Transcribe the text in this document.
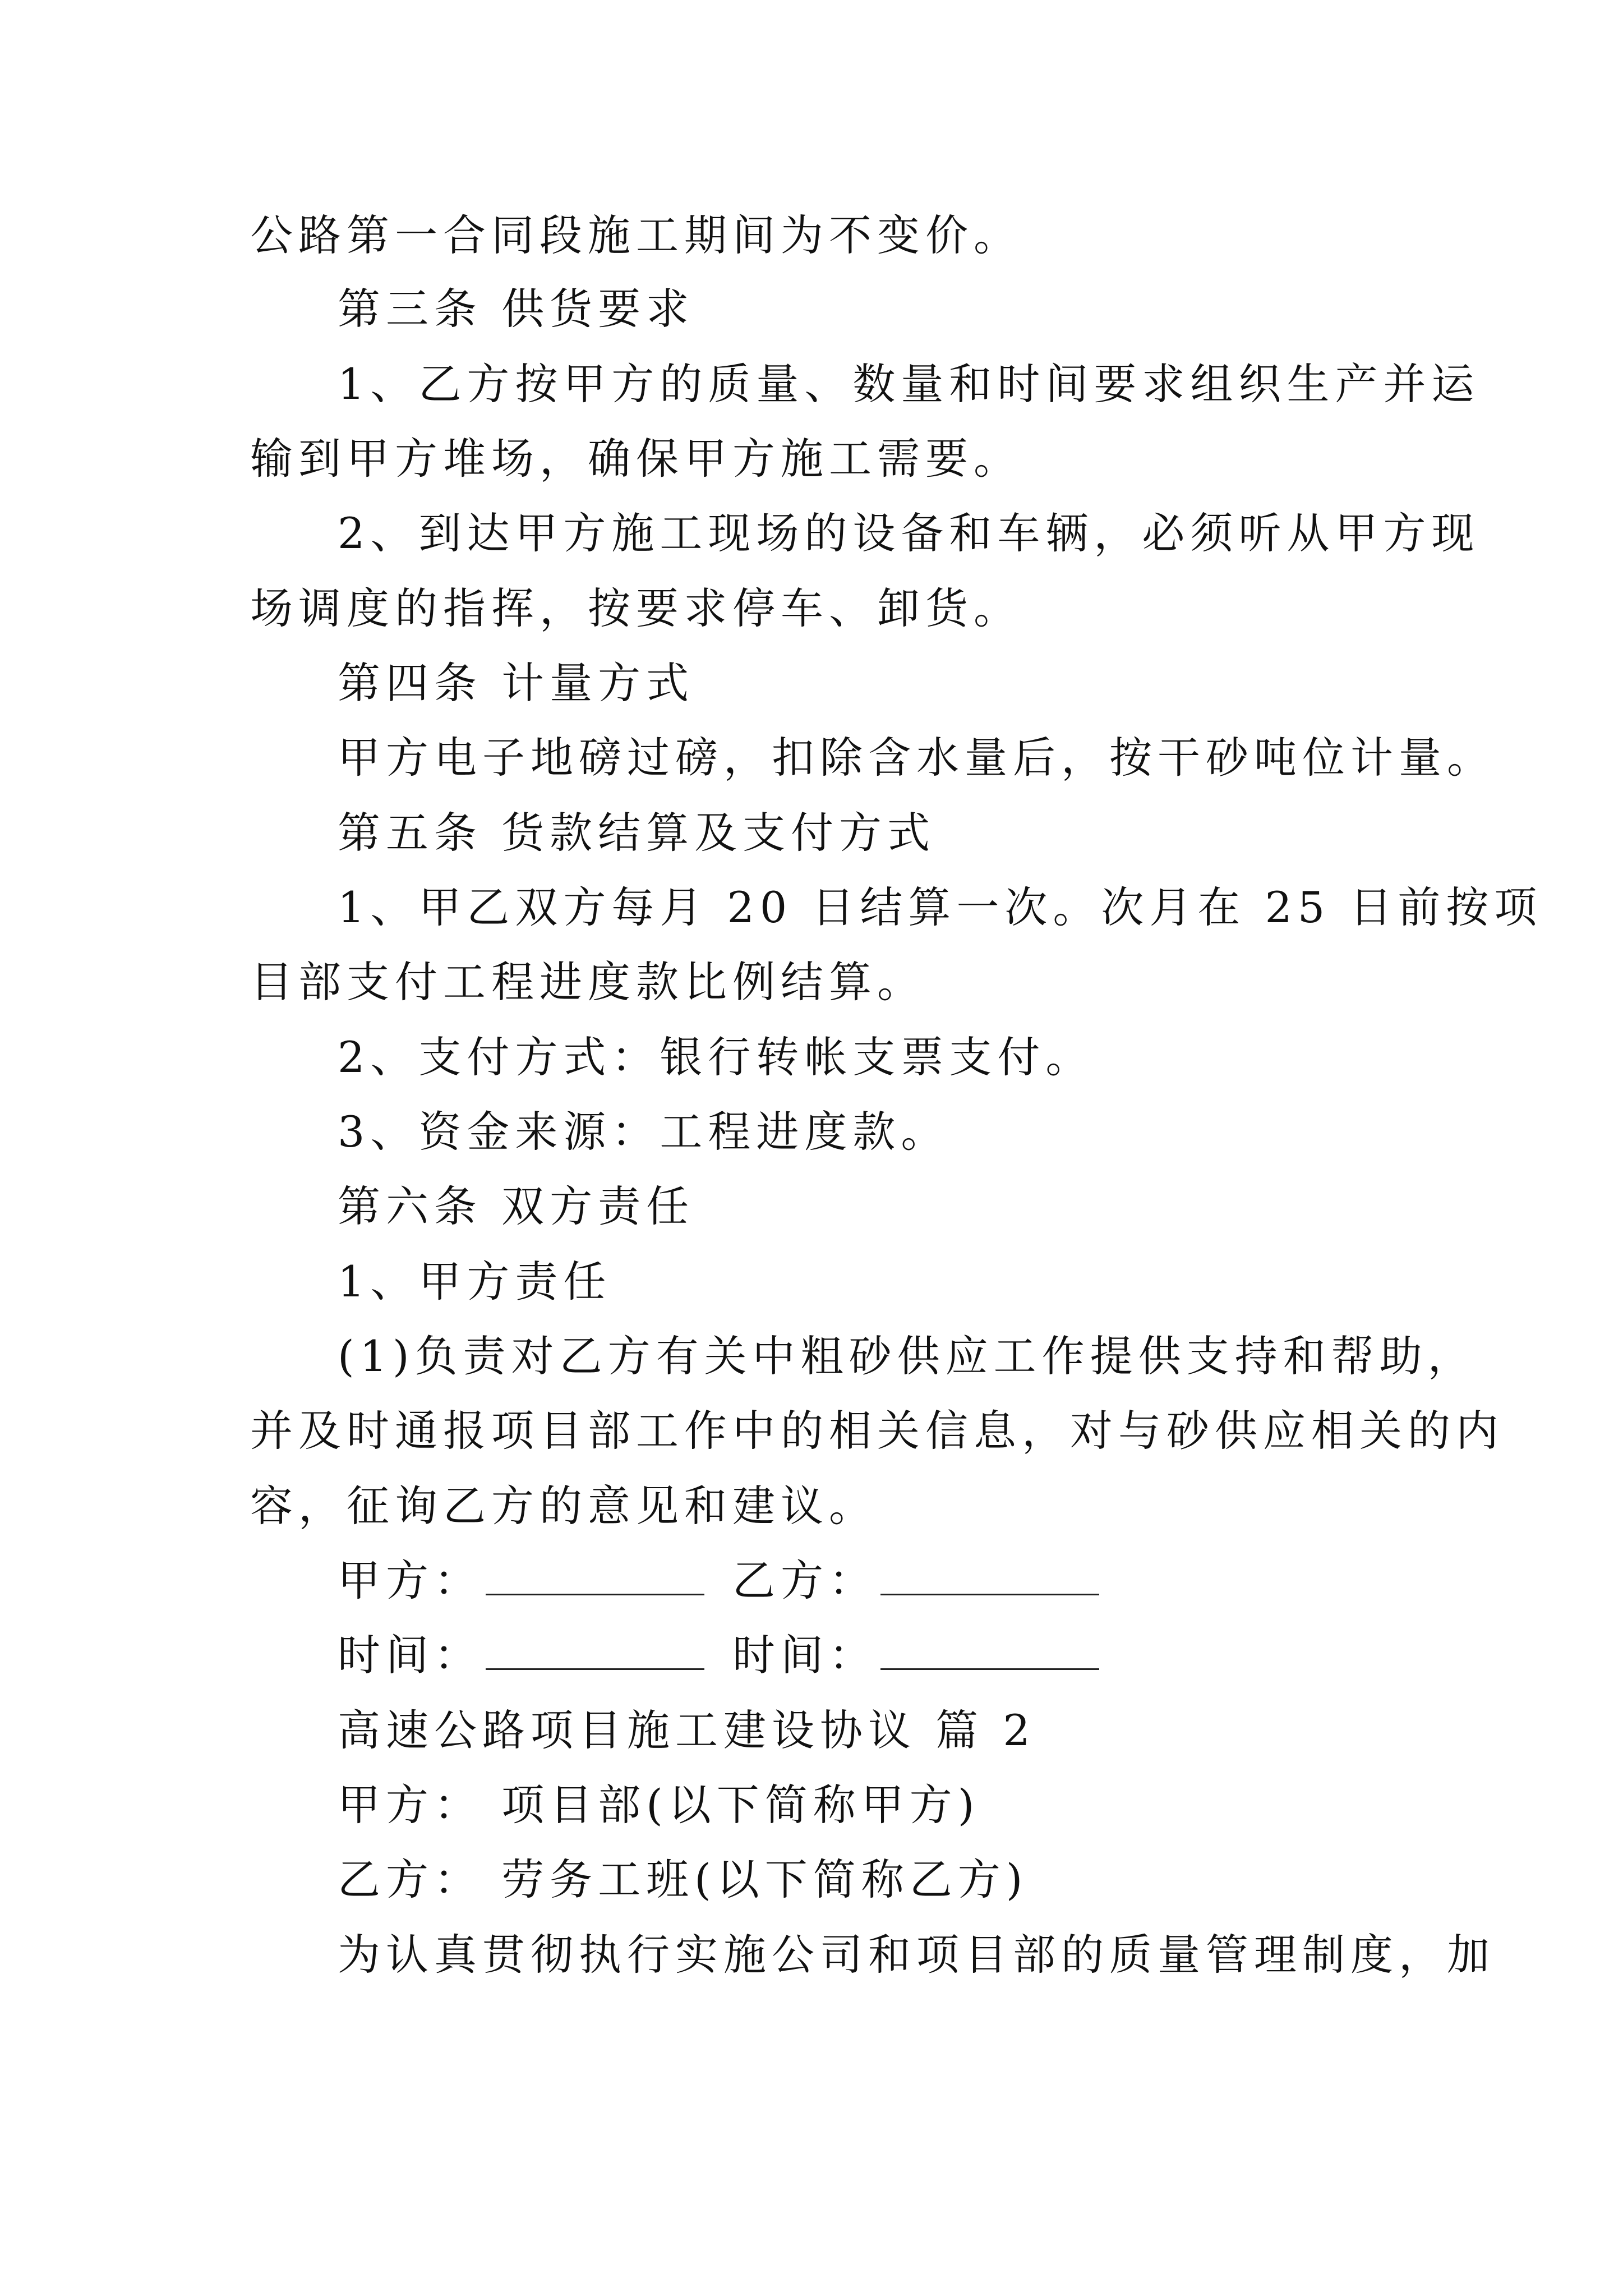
公路第一合同段施工期间为不变价。
第三条 供货要求
1、乙方按甲方的质量、数量和时间要求组织生产并运
输到甲方堆场，确保甲方施工需要。
2、到达甲方施工现场的设备和车辆，必须听从甲方现
场调度的指挥，按要求停车、卸货。
第四条 计量方式
甲方电子地磅过磅，扣除含水量后，按干砂吨位计量。
第五条 货款结算及支付方式
1、甲乙双方每月 20 日结算一次。次月在 25 日前按项
目部支付工程进度款比例结算。
2、支付方式：银行转帐支票支付。
3、资金来源：工程进度款。
第六条 双方责任
1、甲方责任
(1)负责对乙方有关中粗砂供应工作提供支持和帮助，
并及时通报项目部工作中的相关信息，对与砂供应相关的内
容，征询乙方的意见和建议。
甲方：	乙方：
时间：	时间：
高速公路项目施工建设协议 篇 2
甲方： 项目部(以下简称甲方)
乙方： 劳务工班(以下简称乙方)
为认真贯彻执行实施公司和项目部的质量管理制度，加
